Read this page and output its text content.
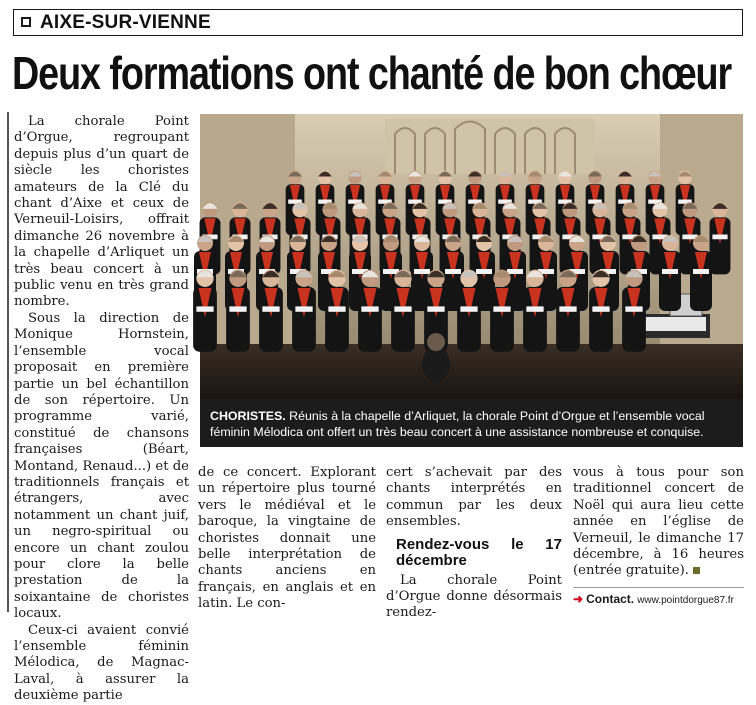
AIXE-SUR-VIENNE
Deux formations ont chanté de bon chœur

La chorale Point d’Orgue, regroupant depuis plus d’un quart de siècle les choristes amateurs de la Clé du chant d’Aixe et ceux de Verneuil-Loisirs, offrait dimanche 26 novembre à la chapelle d’Arliquet un très beau concert à un public venu en très grand nombre.

Sous la direction de Monique Hornstein, l’ensemble vocal proposait en première partie un bel échantillon de son répertoire. Un programme varié, constitué de chansons françaises (Béart, Montand, Renaud...) et de traditionnels français et étrangers, avec notamment un chant juif, un negro-spiritual ou encore un chant zoulou pour clore la belle prestation de la soixantaine de choristes locaux.

Ceux-ci avaient convié l’ensemble féminin Mélodica, de Magnac-Laval, à assurer la deuxième partie

CHORISTES. Réunis à la chapelle d’Arliquet, la chorale Point d’Orgue et l’ensemble vocal féminin Mélodica ont offert un très beau concert à une assistance nombreuse et conquise.

de ce concert. Explorant un répertoire plus tourné vers le médiéval et le baroque, la vingtaine de choristes donnait une belle interprétation de chants anciens en français, en anglais et en latin. Le con-

cert s’achevait par des chants interprétés en commun par les deux ensembles.

Rendez-vous le 17 décembre

La chorale Point d’Orgue donne désormais rendez-

vous à tous pour son traditionnel concert de Noël qui aura lieu cette année en l’église de Verneuil, le dimanche 17 décembre, à 16 heures (entrée gratuite).

➜ Contact. www.pointdorgue87.fr
